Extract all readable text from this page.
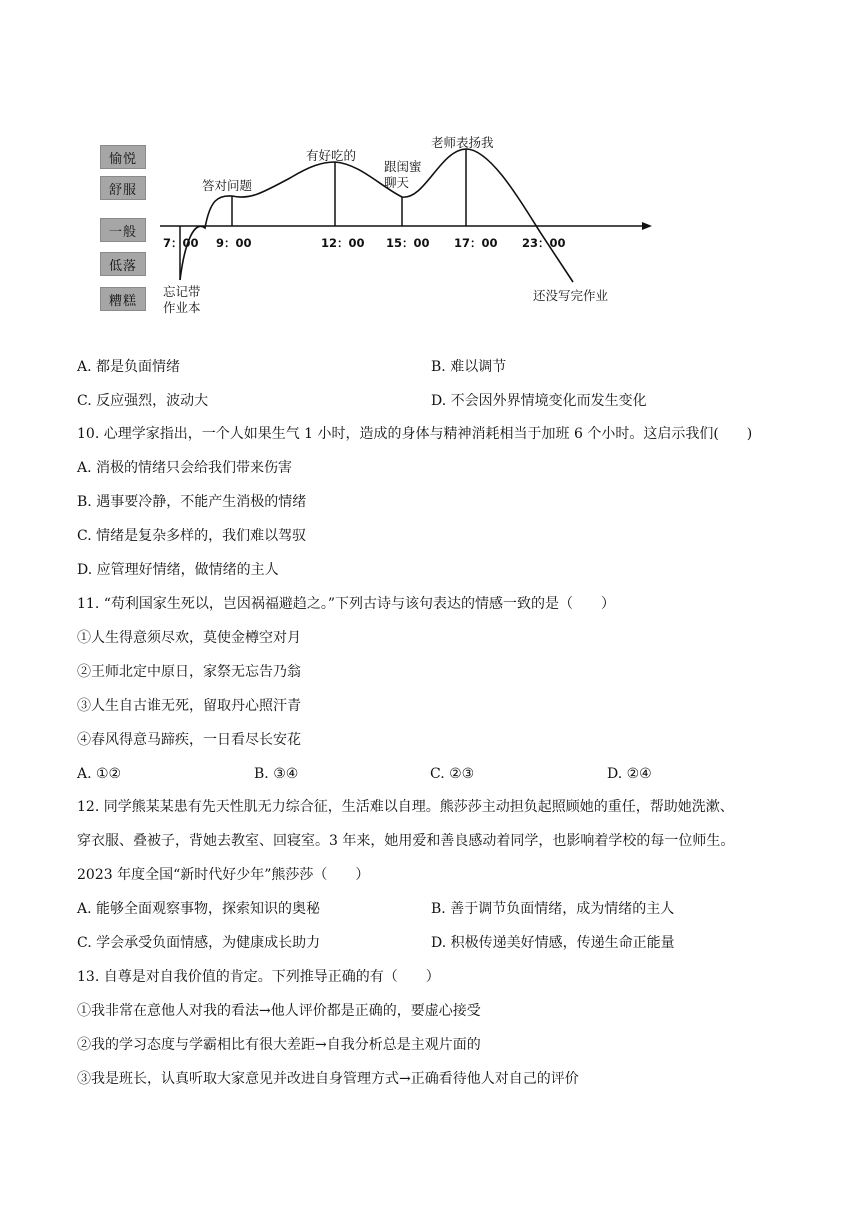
愉悦
舒服
一般
低落
糟糕
7：00 9：00	12：00 15：00 17：00 23：00
忘记带
作业本
答对问题
有好吃的
跟闺蜜
聊天
老师表扬我
还没写完作业
A. 都是负面情绪	B. 难以调节
C. 反应强烈，波动大	D. 不会因外界情境变化而发生变化
10. 心理学家指出，一个人如果生气 1 小时，造成的身体与精神消耗相当于加班 6 个小时。这启示我们(　　)
A. 消极的情绪只会给我们带来伤害
B. 遇事要冷静，不能产生消极的情绪
C. 情绪是复杂多样的，我们难以驾驭
D. 应管理好情绪，做情绪的主人
11. “苟利国家生死以，岂因祸福避趋之。”下列古诗与该句表达的情感一致的是（　　）
①人生得意须尽欢，莫使金樽空对月
②王师北定中原日，家祭无忘告乃翁
③人生自古谁无死，留取丹心照汗青
④春风得意马蹄疾，一日看尽长安花
A. ①②	B. ③④	C. ②③	D. ②④
12. 同学熊某某患有先天性肌无力综合征，生活难以自理。熊莎莎主动担负起照顾她的重任，帮助她洗漱、
穿衣服、叠被子，背她去教室、回寝室。3 年来，她用爱和善良感动着同学，也影响着学校的每一位师生。
2023 年度全国“新时代好少年”熊莎莎（　　）
A. 能够全面观察事物，探索知识的奥秘	B. 善于调节负面情绪，成为情绪的主人
C. 学会承受负面情感，为健康成长助力	D. 积极传递美好情感，传递生命正能量
13. 自尊是对自我价值的肯定。下列推导正确的有（　　）
①我非常在意他人对我的看法→他人评价都是正确的，要虚心接受
②我的学习态度与学霸相比有很大差距→自我分析总是主观片面的
③我是班长，认真听取大家意见并改进自身管理方式→正确看待他人对自己的评价
